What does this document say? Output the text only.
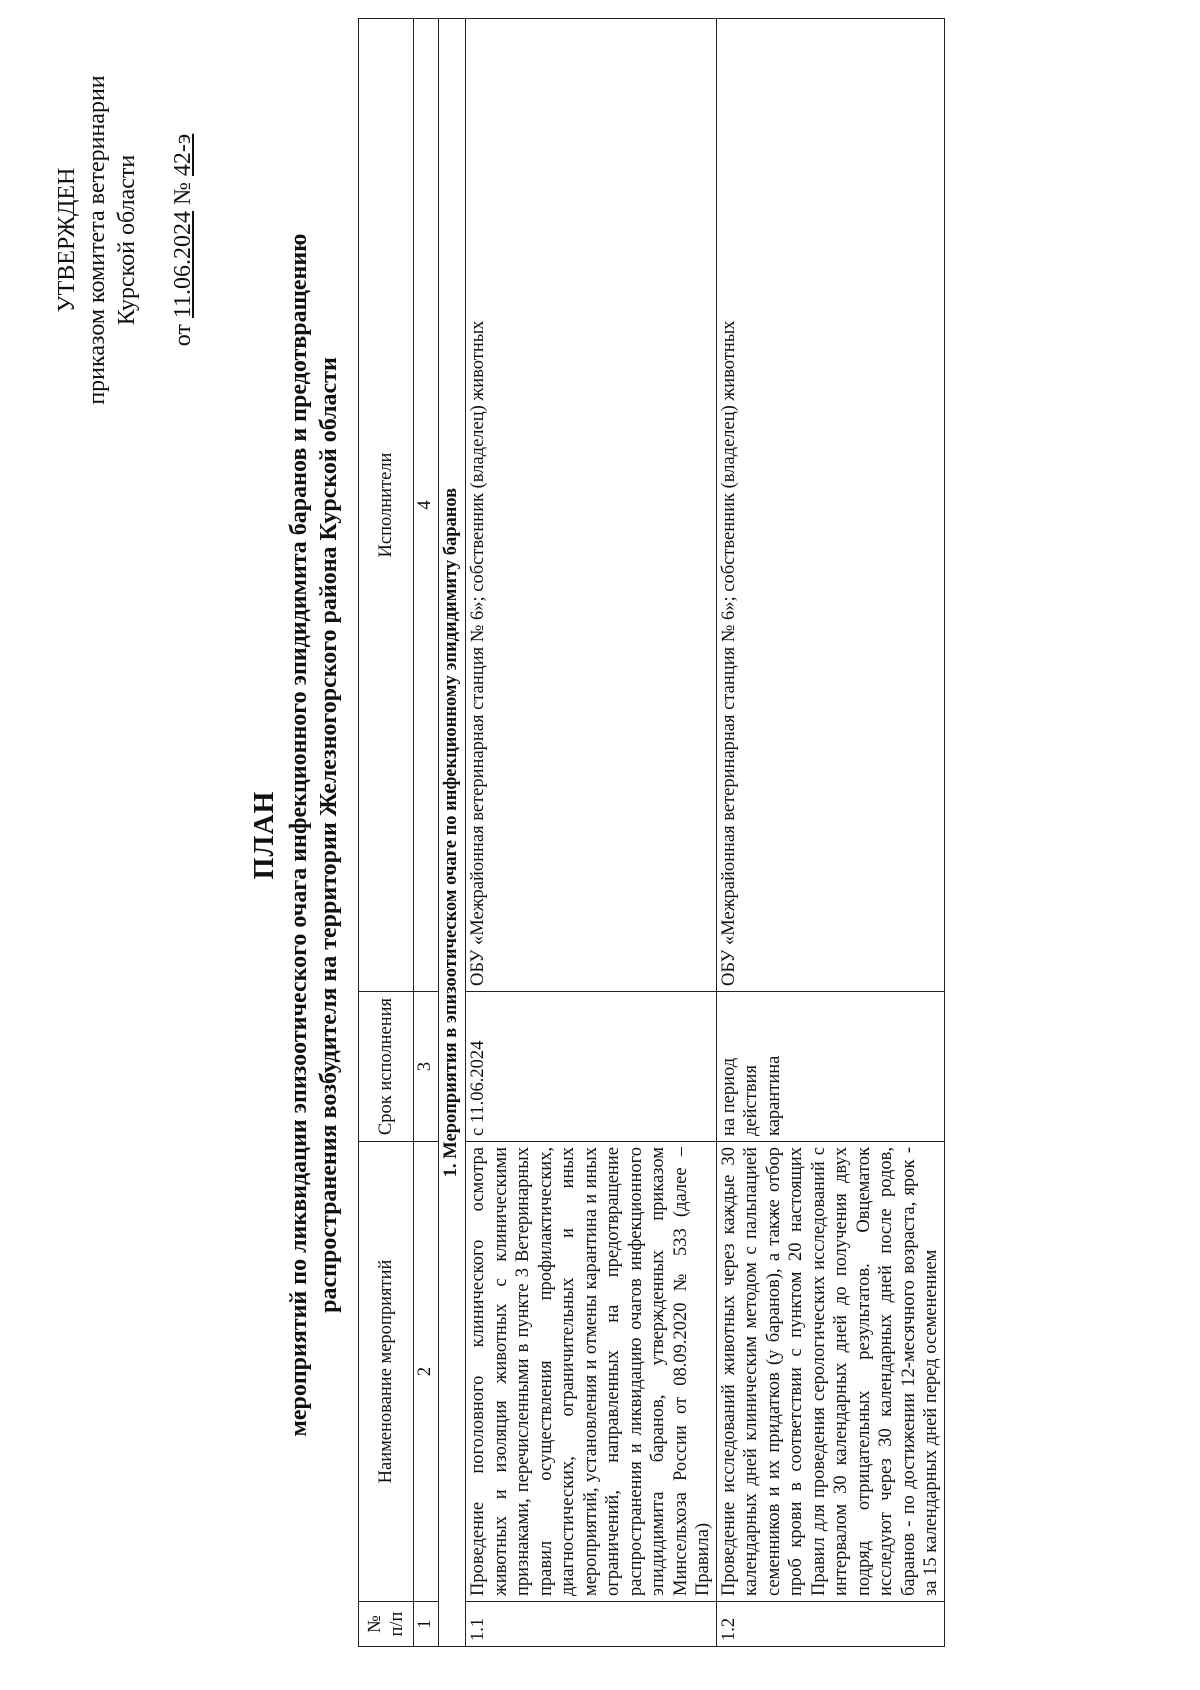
УТВЕРЖДЕН приказом комитета ветеринарии Курской области
от 11.06.2024 № 42-э
ПЛАН мероприятий по ликвидации эпизоотического очага инфекционного эпидидимита баранов и предотвращению распространения возбудителя на территории Железногорского района Курской области
№ п/п	Наименование мероприятий	Срок исполнения	Исполнители
1	2	3	4
1. Мероприятия в эпизоотическом очаге по инфекционному эпидидимиту баранов			
1.1	Проведение поголовного клинического осмотра животных и изоляция животных с клиническими признаками, перечисленными в пункте 3 Ветеринарных правил осуществления профилактических, диагностических, ограничительных и иных мероприятий, установления и отмены карантина и иных ограничений, направленных на предотвращение распространения и ликвидацию очагов инфекционного эпидидимита баранов, утвержденных приказом Минсельхоза России от 08.09.2020 № 533 (далее – Правила)	с 11.06.2024	ОБУ «Межрайонная ветеринарная станция № 6»; собственник (владелец) животных
1.2	Проведение исследований животных через каждые 30 календарных дней клиническим методом с пальпацией семенников и их придатков (у баранов), а также отбор проб крови в соответствии с пунктом 20 настоящих Правил для проведения серологических исследований с интервалом 30 календарных дней до получения двух подряд отрицательных результатов. Овцематок исследуют через 30 календарных дней после родов, баранов - по достижении 12-месячного возраста, ярок - за 15 календарных дней перед осеменением	на период действия карантина	ОБУ «Межрайонная ветеринарная станция № 6»; собственник (владелец) животных
